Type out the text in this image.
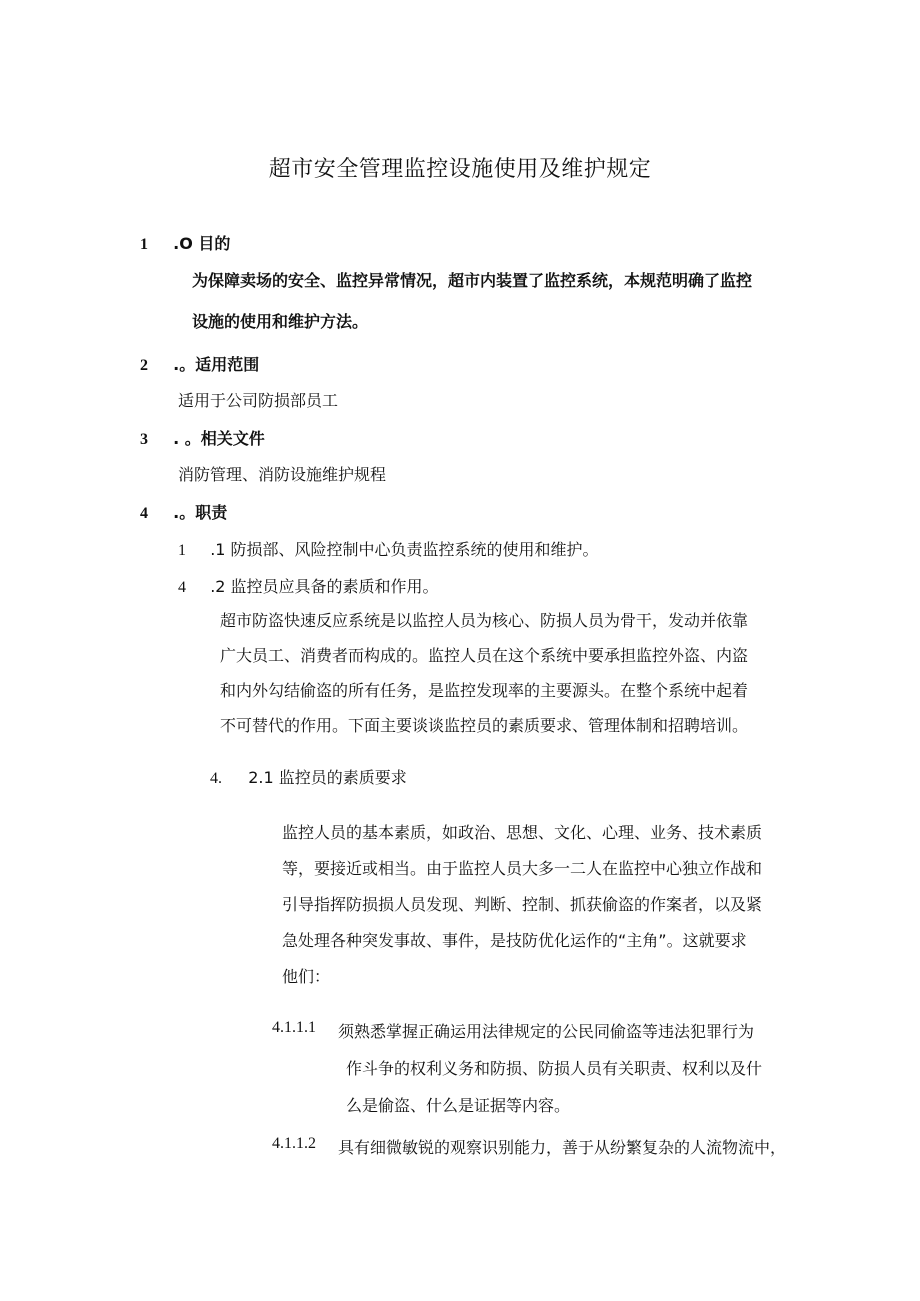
超市安全管理监控设施使用及维护规定
1 .O 目的
为保障卖场的安全、监控异常情况，超市内装置了监控系统，本规范明确了监控
设施的使用和维护方法。
2 .。适用范围
适用于公司防损部员工
3 . 。相关文件
消防管理、消防设施维护规程
4 .。职责
1 .1 防损部、风险控制中心负责监控系统的使用和维护。
4 .2 监控员应具备的素质和作用。
超市防盗快速反应系统是以监控人员为核心、防损人员为骨干，发动并依靠
广大员工、消费者而构成的。监控人员在这个系统中要承担监控外盗、内盗
和内外勾结偷盗的所有任务，是监控发现率的主要源头。在整个系统中起着
不可替代的作用。下面主要谈谈监控员的素质要求、管理体制和招聘培训。
4. 2.1 监控员的素质要求
监控人员的基本素质，如政治、思想、文化、心理、业务、技术素质
等，要接近或相当。由于监控人员大多一二人在监控中心独立作战和
引导指挥防损损人员发现、判断、控制、抓获偷盗的作案者，以及紧
急处理各种突发事故、事件，是技防优化运作的“主角”。这就要求
他们：
4.1.1.1 须熟悉掌握正确运用法律规定的公民同偷盗等违法犯罪行为
作斗争的权利义务和防损、防损人员有关职责、权利以及什
么是偷盗、什么是证据等内容。
4.1.1.2 具有细微敏锐的观察识别能力，善于从纷繁复杂的人流物流中，
